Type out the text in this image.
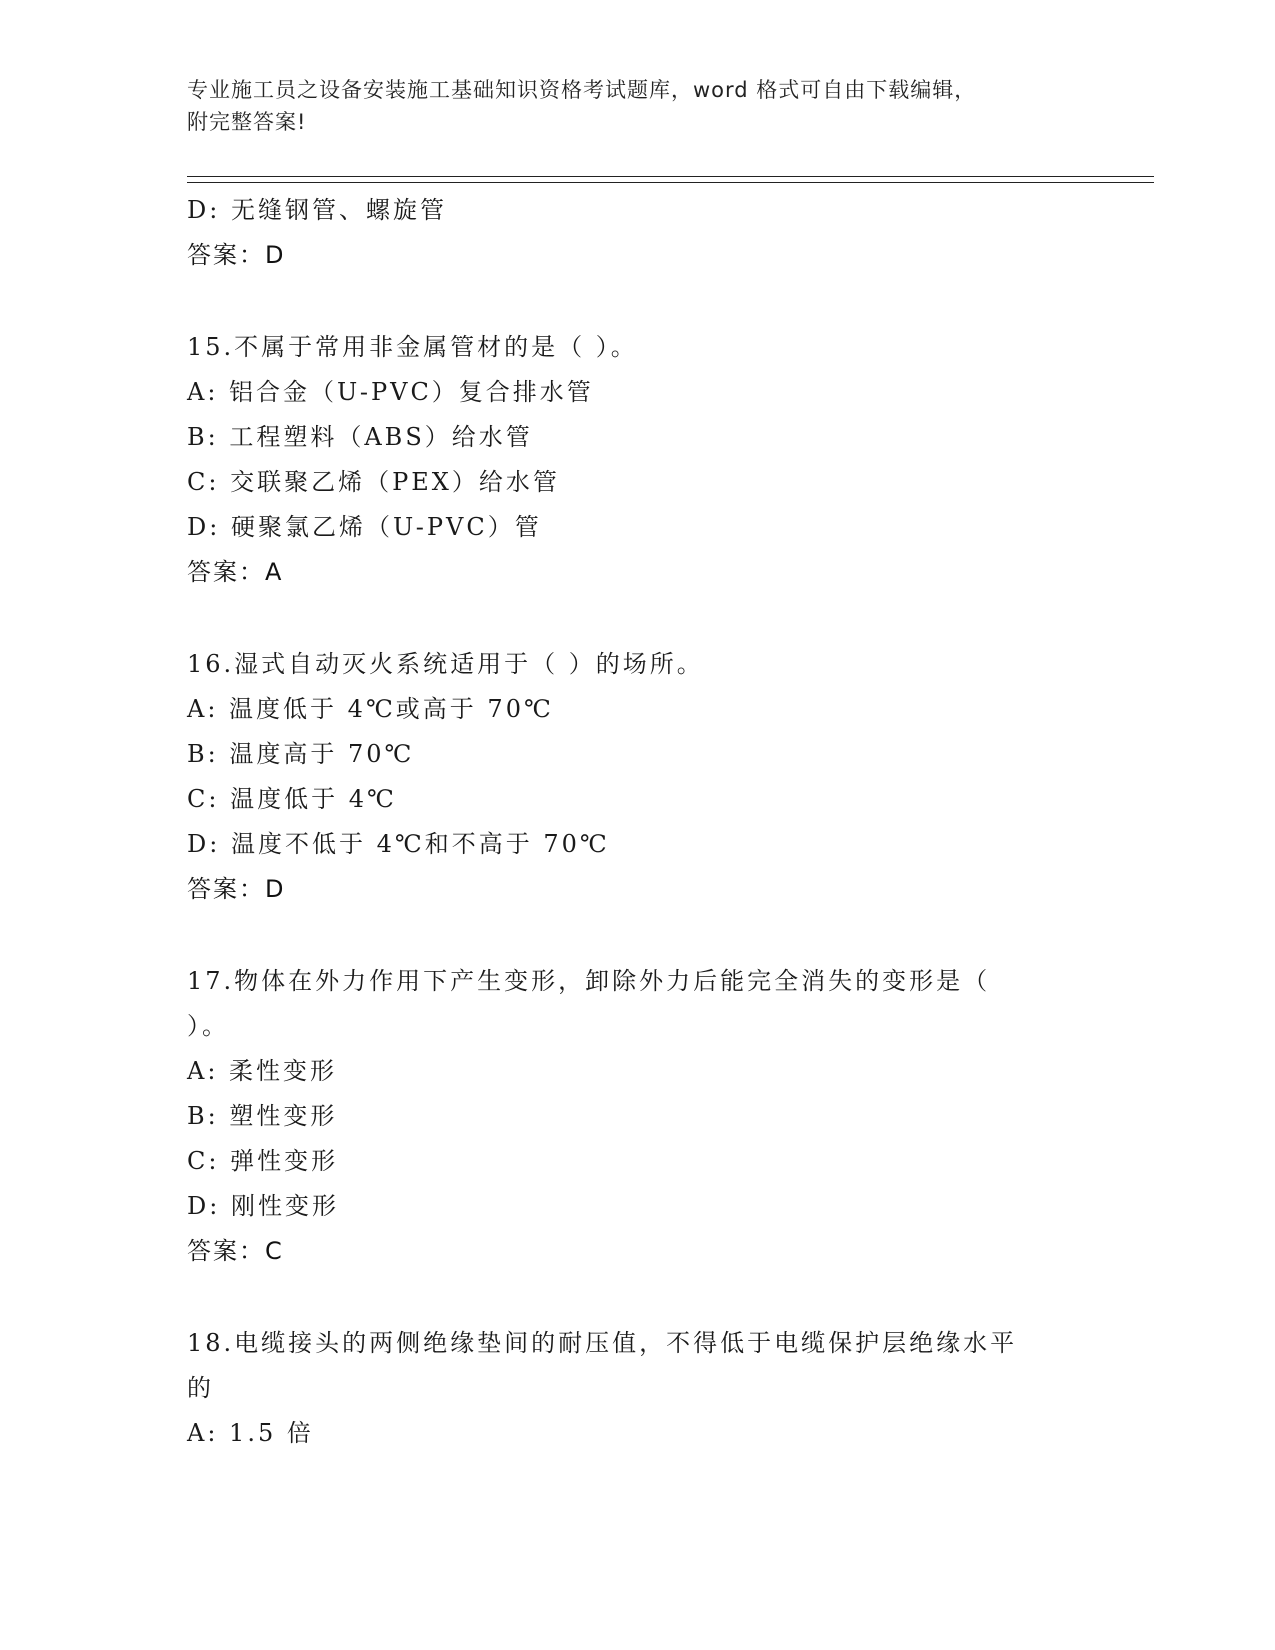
专业施工员之设备安装施工基础知识资格考试题库，word 格式可自由下载编辑，
附完整答案!
D: 无缝钢管、螺旋管
答案：D
15.不属于常用非金属管材的是（ ）。
A: 铝合金（U-PVC）复合排水管
B: 工程塑料（ABS）给水管
C: 交联聚乙烯（PEX）给水管
D: 硬聚氯乙烯（U-PVC）管
答案：A
16.湿式自动灭火系统适用于（ ）的场所。
A: 温度低于 4℃或高于 70℃
B: 温度高于 70℃
C: 温度低于 4℃
D: 温度不低于 4℃和不高于 70℃
答案：D
17.物体在外力作用下产生变形，卸除外力后能完全消失的变形是（
）。
A: 柔性变形
B: 塑性变形
C: 弹性变形
D: 刚性变形
答案：C
18.电缆接头的两侧绝缘垫间的耐压值，不得低于电缆保护层绝缘水平
的
A: 1.5 倍
